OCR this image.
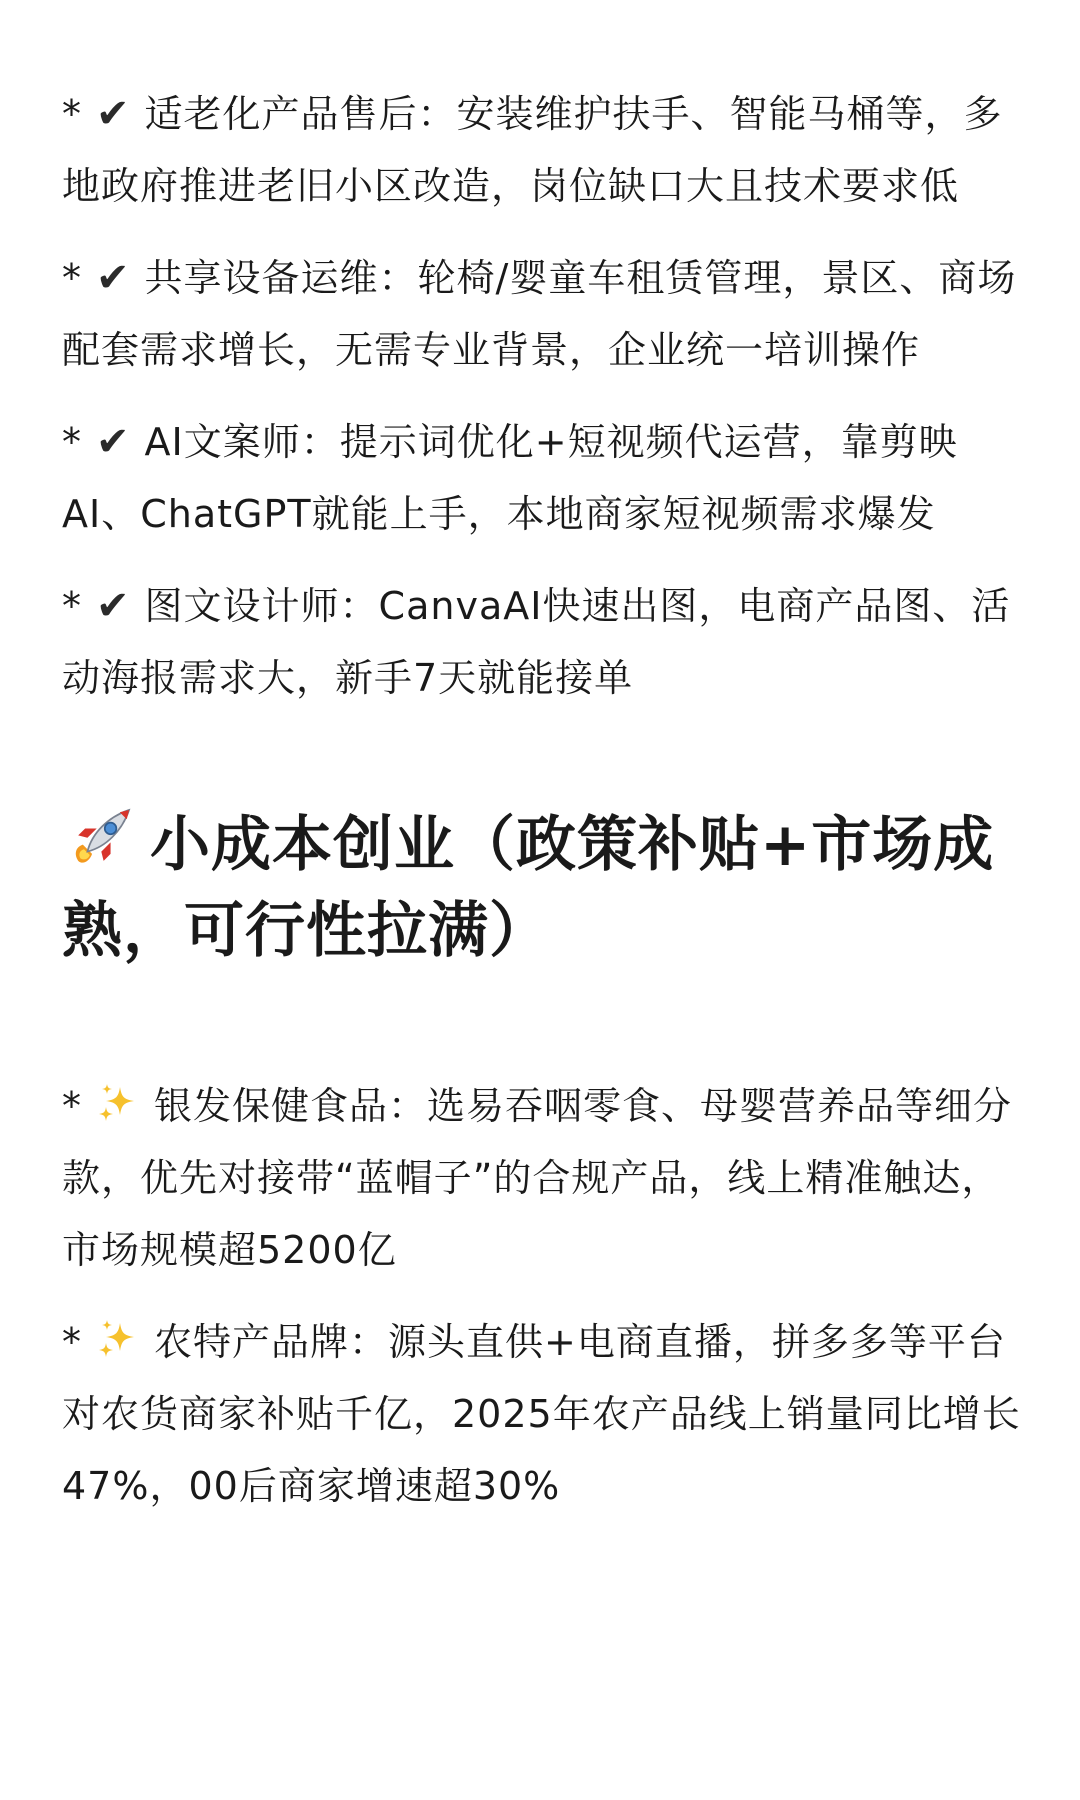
* ✔ 适老化产品售后：安装维护扶手、智能马桶等，多地政府推进老旧小区改造，岗位缺口大且技术要求低
* ✔ 共享设备运维：轮椅/婴童车租赁管理，景区、商场配套需求增长，无需专业背景，企业统一培训操作
* ✔ AI文案师：提示词优化+短视频代运营，靠剪映AI、ChatGPT就能上手，本地商家短视频需求爆发
* ✔ 图文设计师：CanvaAI快速出图，电商产品图、活动海报需求大，新手7天就能接单
小成本创业（政策补贴+市场成熟，可行性拉满）
* 银发保健食品：选易吞咽零食、母婴营养品等细分款，优先对接带“蓝帽子”的合规产品，线上精准触达，市场规模超5200亿
* 农特产品牌：源头直供+电商直播，拼多多等平台对农货商家补贴千亿，2025年农产品线上销量同比增长47%，00后商家增速超30%
